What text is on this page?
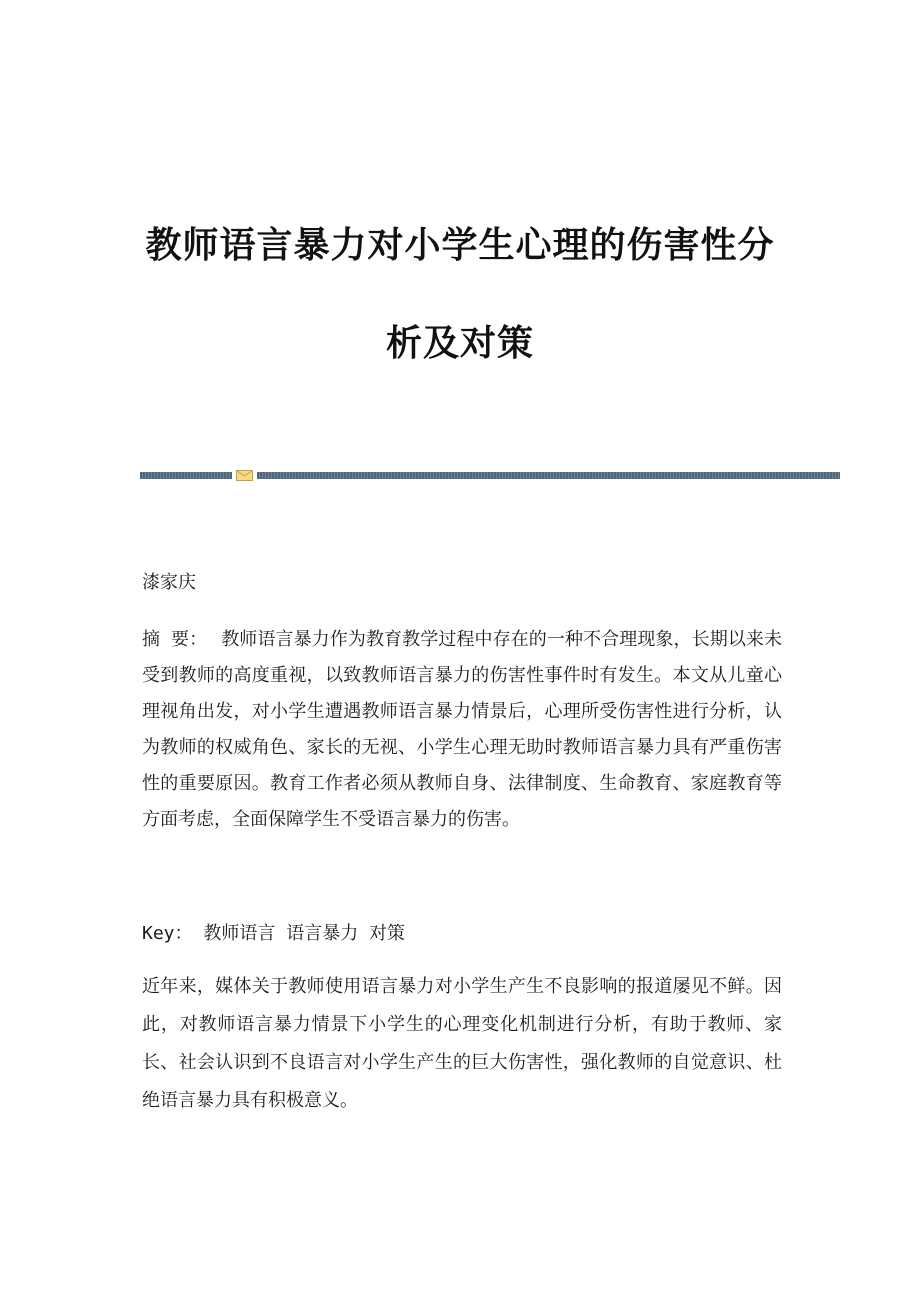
教师语言暴力对小学生心理的伤害性分
析及对策
漆家庆
摘 要： 教师语言暴力作为教育教学过程中存在的一种不合理现象，长期以来未受到教师的高度重视，以致教师语言暴力的伤害性事件时有发生。本文从儿童心理视角出发，对小学生遭遇教师语言暴力情景后，心理所受伤害性进行分析，认为教师的权威角色、家长的无视、小学生心理无助时教师语言暴力具有严重伤害性的重要原因。教育工作者必须从教师自身、法律制度、生命教育、家庭教育等方面考虑，全面保障学生不受语言暴力的伤害。
Key： 教师语言 语言暴力 对策
近年来，媒体关于教师使用语言暴力对小学生产生不良影响的报道屡见不鲜。因此，对教师语言暴力情景下小学生的心理变化机制进行分析，有助于教师、家长、社会认识到不良语言对小学生产生的巨大伤害性，强化教师的自觉意识、杜绝语言暴力具有积极意义。
